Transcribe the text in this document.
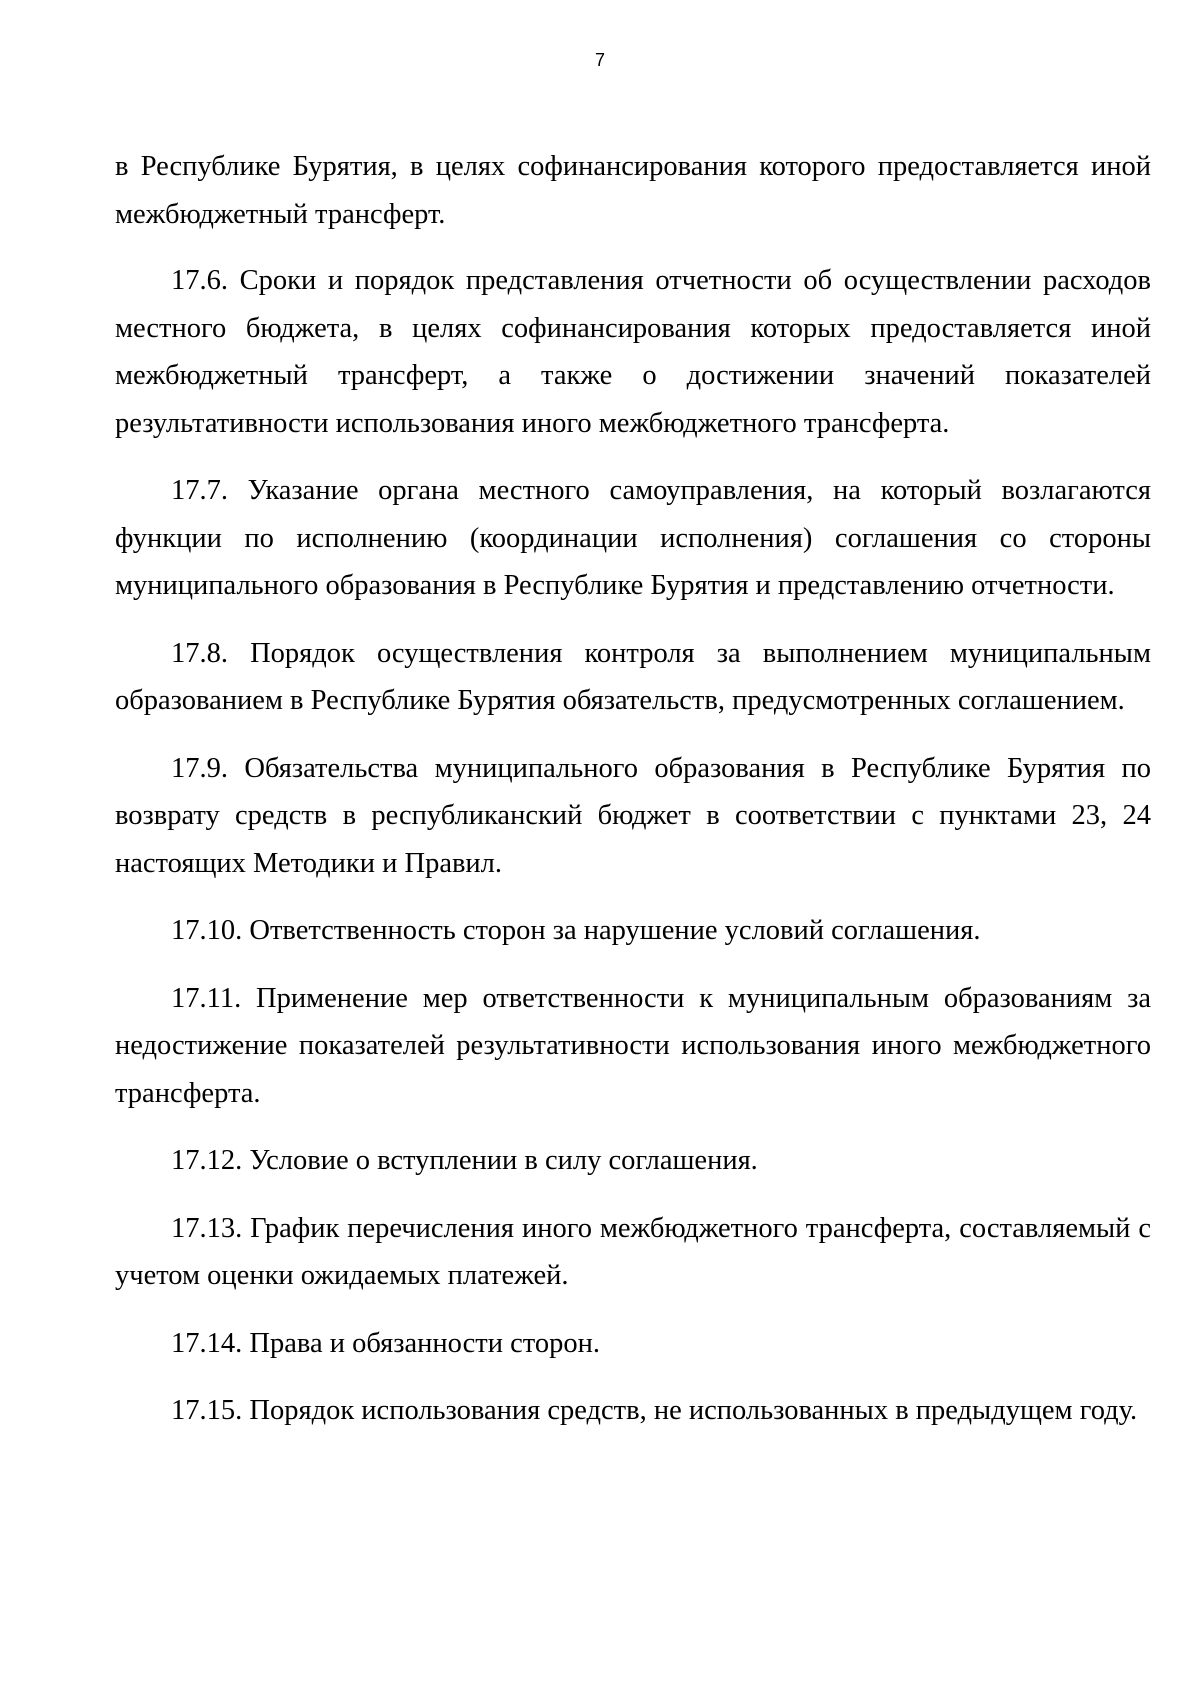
7

в Республике Бурятия, в целях софинансирования которого предоставляется иной межбюджетный трансферт.

17.6. Сроки и порядок представления отчетности об осуществлении расходов местного бюджета, в целях софинансирования которых предоставляется иной межбюджетный трансферт, а также о достижении значений показателей результативности использования иного межбюджетного трансферта.

17.7. Указание органа местного самоуправления, на который возлагаются функции по исполнению (координации исполнения) соглашения со стороны муниципального образования в Республике Бурятия и представлению отчетности.

17.8. Порядок осуществления контроля за выполнением муниципальным образованием в Республике Бурятия обязательств, предусмотренных соглашением.

17.9. Обязательства муниципального образования в Республике Бурятия по возврату средств в республиканский бюджет в соответствии с пунктами 23, 24 настоящих Методики и Правил.

17.10. Ответственность сторон за нарушение условий соглашения.

17.11. Применение мер ответственности к муниципальным образованиям за недостижение показателей результативности использования иного межбюджетного трансферта.

17.12. Условие о вступлении в силу соглашения.

17.13. График перечисления иного межбюджетного трансферта, составляемый с учетом оценки ожидаемых платежей.

17.14. Права и обязанности сторон.

17.15. Порядок использования средств, не использованных в предыдущем году.
